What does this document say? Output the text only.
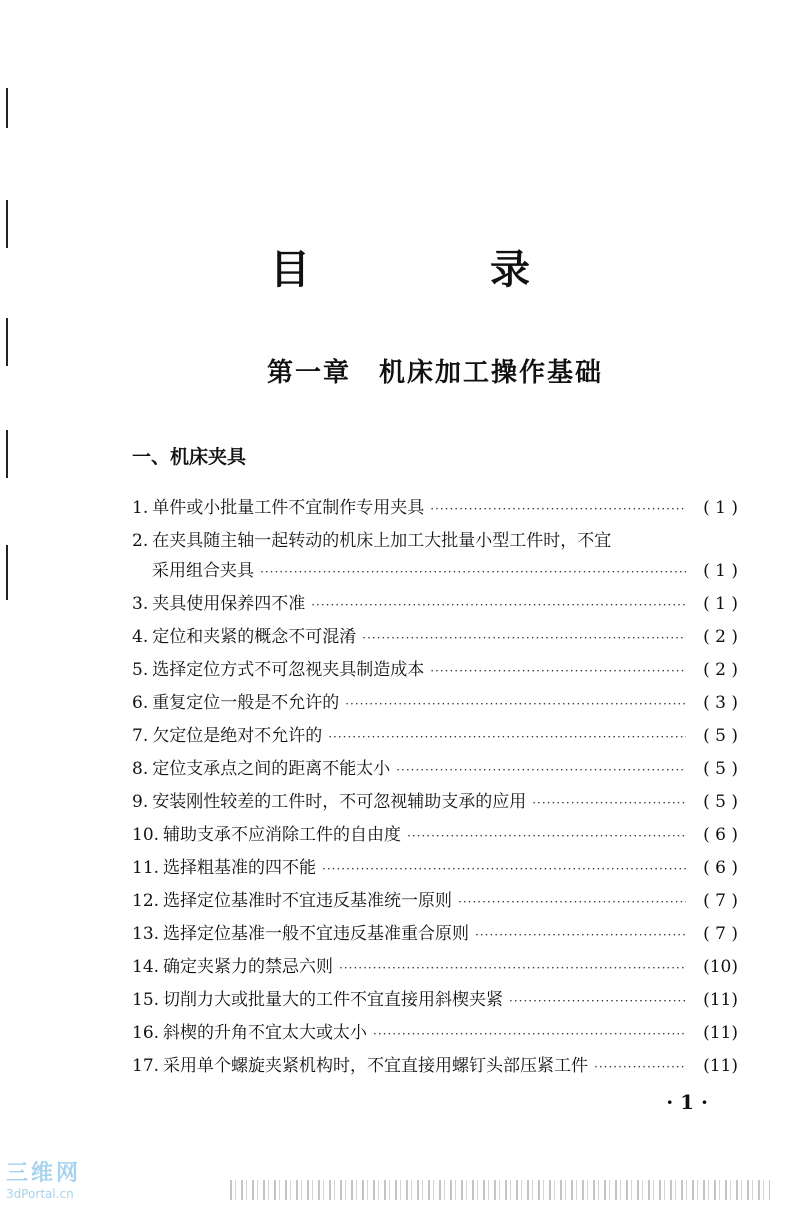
目　录
第一章　机床加工操作基础
一、机床夹具
1. 单件或小批量工件不宜制作专用夹具 ·····	( 1 )
2. 在夹具随主轴一起转动的机床上加工大批量小型工件时，不宜
采用组合夹具 ·····	( 1 )
3. 夹具使用保养四不准 ·····	( 1 )
4. 定位和夹紧的概念不可混淆 ·····	( 2 )
5. 选择定位方式不可忽视夹具制造成本 ·····	( 2 )
6. 重复定位一般是不允许的 ·····	( 3 )
7. 欠定位是绝对不允许的 ·····	( 5 )
8. 定位支承点之间的距离不能太小 ·····	( 5 )
9. 安装刚性较差的工件时，不可忽视辅助支承的应用 ·····	( 5 )
10. 辅助支承不应消除工件的自由度 ·····	( 6 )
11. 选择粗基准的四不能 ·····	( 6 )
12. 选择定位基准时不宜违反基准统一原则 ·····	( 7 )
13. 选择定位基准一般不宜违反基准重合原则 ·····	( 7 )
14. 确定夹紧力的禁忌六则 ·····	(10)
15. 切削力大或批量大的工件不宜直接用斜楔夹紧 ·····	(11)
16. 斜楔的升角不宜太大或太小 ·····	(11)
17. 采用单个螺旋夹紧机构时，不宜直接用螺钉头部压紧工件 ·····	(11)
· 1 ·
三维网
3dPortal.cn
